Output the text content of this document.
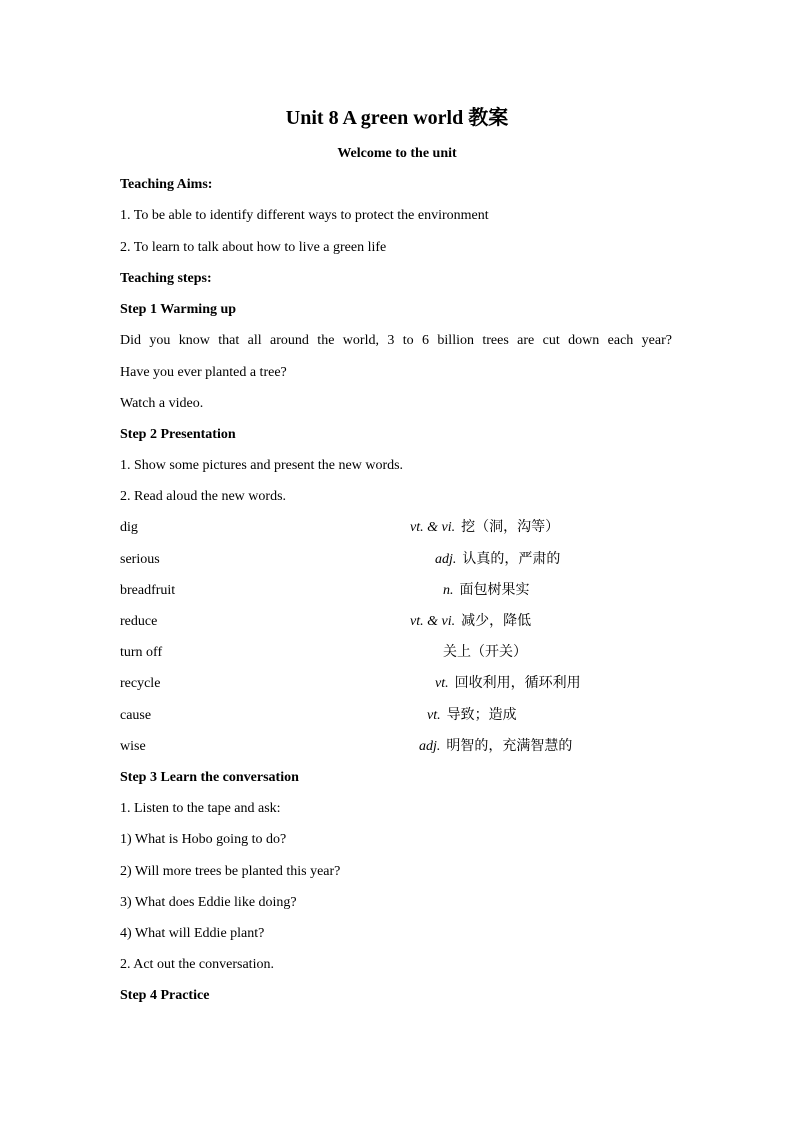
Unit 8 A green world 教案
Welcome to the unit
Teaching Aims:
1. To be able to identify different ways to protect the environment
2. To learn to talk about how to live a green life
Teaching steps:
Step 1 Warming up
Did you know that all around the world, 3 to 6 billion trees are cut down each year?
Have you ever planted a tree?
Watch a video.
Step 2 Presentation
1. Show some pictures and present the new words.
2. Read aloud the new words.
dig	vt. & vi. 挖（洞，沟等）
serious	adj. 认真的，严肃的
breadfruit	n. 面包树果实
reduce	vt. & vi. 减少，降低
turn off	关上（开关）
recycle	vt. 回收利用，循环利用
cause	vt. 导致；造成
wise	adj. 明智的，充满智慧的
Step 3 Learn the conversation
1. Listen to the tape and ask:
1) What is Hobo going to do?
2) Will more trees be planted this year?
3) What does Eddie like doing?
4) What will Eddie plant?
2. Act out the conversation.
Step 4 Practice
